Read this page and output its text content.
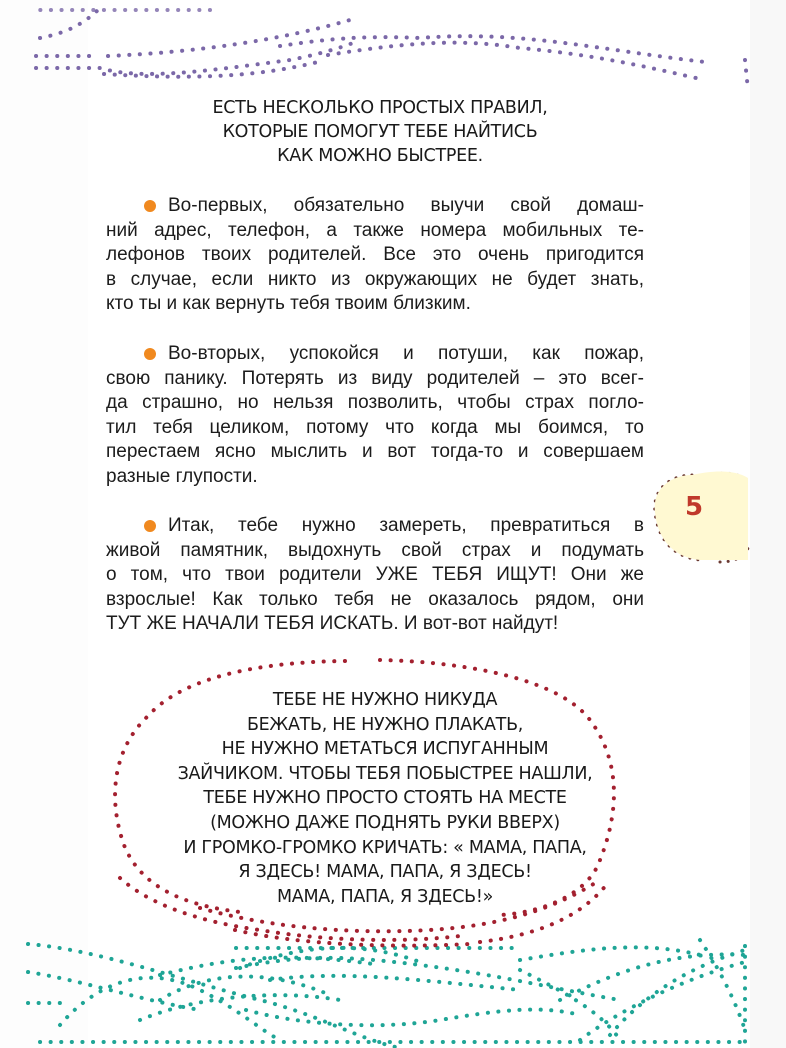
5
ЕСТЬ НЕСКОЛЬКО ПРОСТЫХ ПРАВИЛ,
КОТОРЫЕ ПОМОГУТ ТЕБЕ НАЙТИСЬ
КАК МОЖНО БЫСТРЕЕ.
Во-первых, обязательно выучи свой домаш-
ний адрес, телефон, а также номера мобильных те-
лефонов твоих родителей. Все это очень пригодится
в случае, если никто из окружающих не будет знать,
кто ты и как вернуть тебя твоим близким.
Во-вторых, успокойся и потуши, как пожар,
свою панику. Потерять из виду родителей – это всег-
да страшно, но нельзя позволить, чтобы страх погло-
тил тебя целиком, потому что когда мы боимся, то
перестаем ясно мыслить и вот тогда-то и совершаем
разные глупости.
Итак, тебе нужно замереть, превратиться в
живой памятник, выдохнуть свой страх и подумать
о том, что твои родители УЖЕ ТЕБЯ ИЩУТ! Они же
взрослые! Как только тебя не оказалось рядом, они
ТУТ ЖЕ НАЧАЛИ ТЕБЯ ИСКАТЬ. И вот-вот найдут!
ТЕБЕ НЕ НУЖНО НИКУДА
БЕЖАТЬ, НЕ НУЖНО ПЛАКАТЬ,
НЕ НУЖНО МЕТАТЬСЯ ИСПУГАННЫМ
ЗАЙЧИКОМ. ЧТОБЫ ТЕБЯ ПОБЫСТРЕЕ НАШЛИ,
ТЕБЕ НУЖНО ПРОСТО СТОЯТЬ НА МЕСТЕ
(МОЖНО ДАЖЕ ПОДНЯТЬ РУКИ ВВЕРХ)
И ГРОМКО-ГРОМКО КРИЧАТЬ: « МАМА, ПАПА,
Я ЗДЕСЬ! МАМА, ПАПА, Я ЗДЕСЬ!
МАМА, ПАПА, Я ЗДЕСЬ!»
